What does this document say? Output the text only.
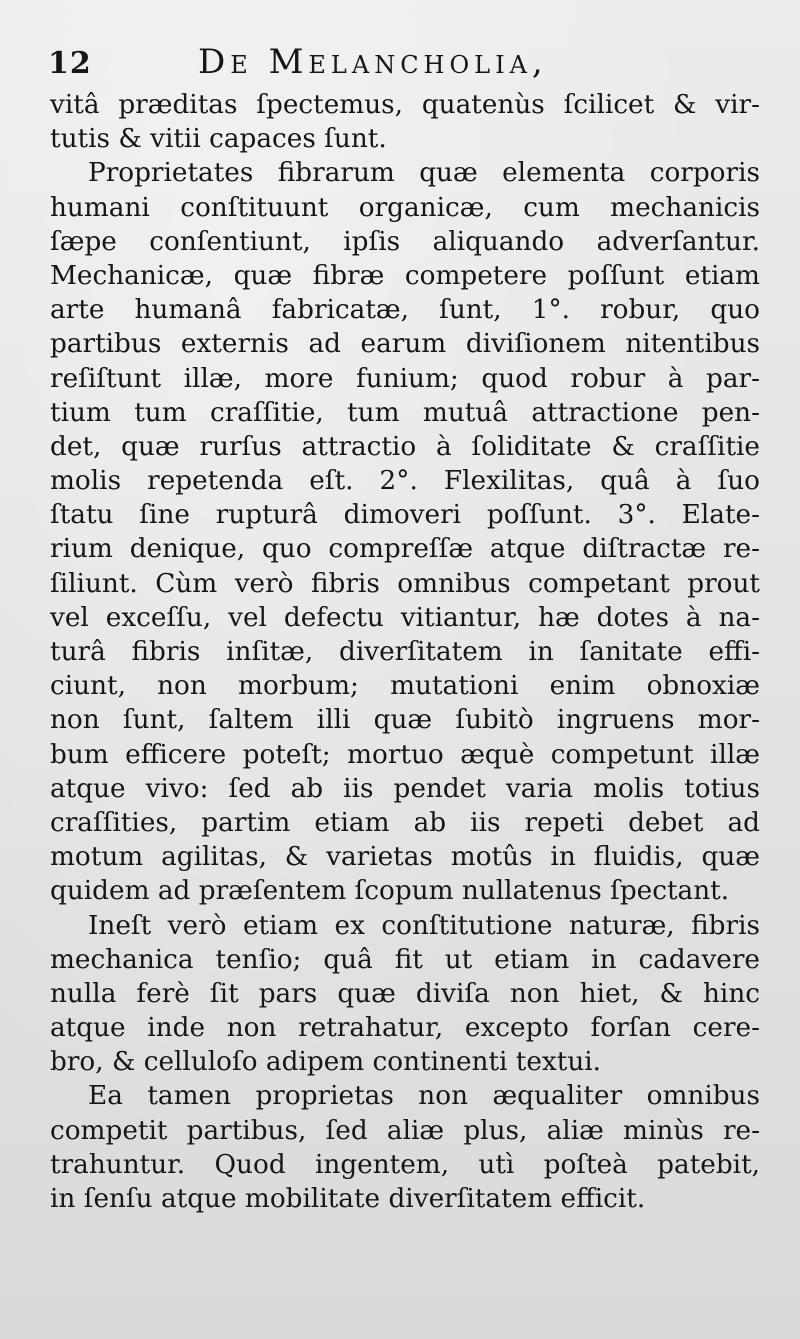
12	De Melancholia,
vitâ præditas ſpectemus, quatenùs ſcilicet & vir-
tutis & vitii capaces ſunt.
Proprietates fibrarum quæ elementa corporis
humani conſtituunt organicæ, cum mechanicis
ſæpe conſentiunt, ipſis aliquando adverſantur.
Mechanicæ, quæ fibræ competere poſſunt etiam
arte humanâ fabricatæ, ſunt, 1°. robur, quo
partibus externis ad earum diviſionem nitentibus
reſiſtunt illæ, more funium; quod robur à par-
tium tum craſſitie, tum mutuâ attractione pen-
det, quæ rurſus attractio à ſoliditate & craſſitie
molis repetenda eſt. 2°. Flexilitas, quâ à ſuo
ſtatu ſine rupturâ dimoveri poſſunt. 3°. Elate-
rium denique, quo compreſſæ atque diſtractæ re-
ſiliunt. Cùm verò fibris omnibus competant prout
vel exceſſu, vel defectu vitiantur, hæ dotes à na-
turâ fibris inſitæ, diverſitatem in ſanitate effi-
ciunt, non morbum; mutationi enim obnoxiæ
non ſunt, ſaltem illi quæ ſubitò ingruens mor-
bum efficere poteſt; mortuo æquè competunt illæ
atque vivo: ſed ab iis pendet varia molis totius
craſſities, partim etiam ab iis repeti debet ad
motum agilitas, & varietas motûs in fluidis, quæ
quidem ad præſentem ſcopum nullatenus ſpectant.
Ineſt verò etiam ex conſtitutione naturæ, fibris
mechanica tenſio; quâ fit ut etiam in cadavere
nulla ferè ſit pars quæ diviſa non hiet, & hinc
atque inde non retrahatur, excepto forſan cere-
bro, & celluloſo adipem continenti textui.
Ea tamen proprietas non æqualiter omnibus
competit partibus, ſed aliæ plus, aliæ minùs re-
trahuntur. Quod ingentem, utì poſteà patebit,
in ſenſu atque mobilitate diverſitatem efficit.
